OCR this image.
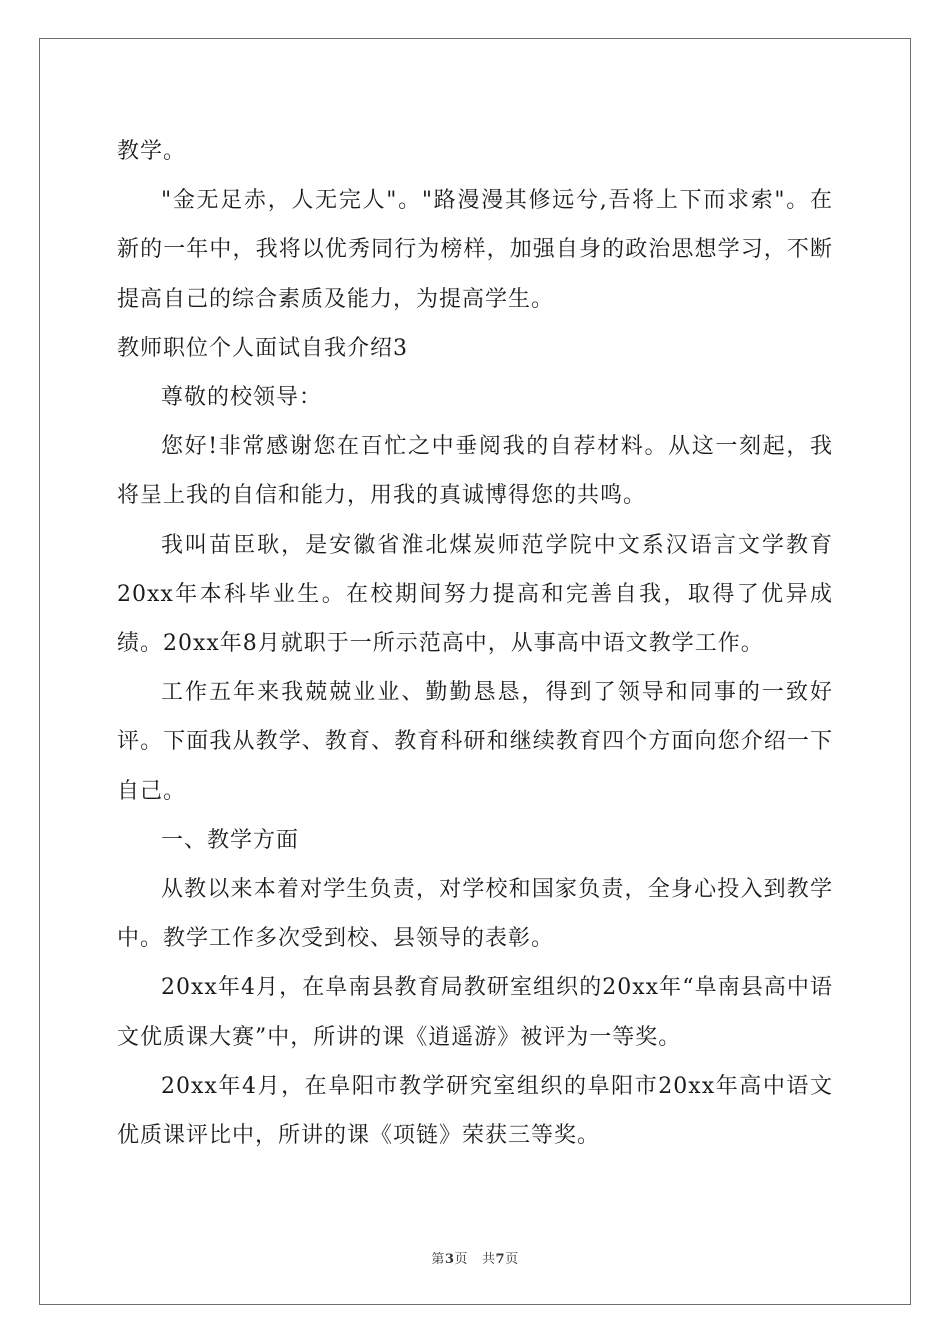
教学。

"金无足赤，人无完人"。"路漫漫其修远兮,吾将上下而求索"。在新的一年中，我将以优秀同行为榜样，加强自身的政治思想学习，不断提高自己的综合素质及能力，为提高学生。

教师职位个人面试自我介绍3

尊敬的校领导：

您好!非常感谢您在百忙之中垂阅我的自荐材料。从这一刻起，我将呈上我的自信和能力，用我的真诚博得您的共鸣。

我叫苗臣耿，是安徽省淮北煤炭师范学院中文系汉语言文学教育20xx年本科毕业生。在校期间努力提高和完善自我，取得了优异成绩。20xx年8月就职于一所示范高中，从事高中语文教学工作。

工作五年来我兢兢业业、勤勤恳恳，得到了领导和同事的一致好评。下面我从教学、教育、教育科研和继续教育四个方面向您介绍一下自己。

一、教学方面

从教以来本着对学生负责，对学校和国家负责，全身心投入到教学中。教学工作多次受到校、县领导的表彰。

20xx年4月，在阜南县教育局教研室组织的20xx年“阜南县高中语文优质课大赛”中，所讲的课《逍遥游》被评为一等奖。

20xx年4月，在阜阳市教学研究室组织的阜阳市20xx年高中语文优质课评比中，所讲的课《项链》荣获三等奖。

第3页 共7页
